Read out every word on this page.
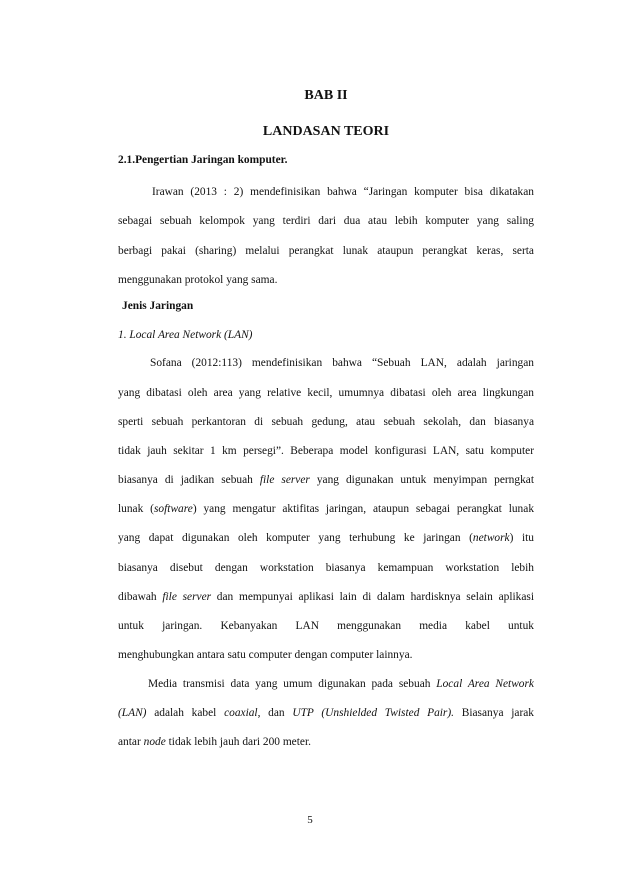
BAB II
LANDASAN TEORI
2.1.Pengertian Jaringan komputer.
Irawan (2013 : 2) mendefinisikan bahwa “Jaringan komputer bisa dikatakan
sebagai sebuah kelompok yang terdiri dari dua atau lebih komputer yang saling
berbagi pakai (sharing) melalui perangkat lunak ataupun perangkat keras, serta
menggunakan protokol yang sama.
Jenis Jaringan
1. Local Area Network (LAN)
Sofana (2012:113) mendefinisikan bahwa “Sebuah LAN, adalah jaringan
yang dibatasi oleh area yang relative kecil, umumnya dibatasi oleh area lingkungan
sperti sebuah perkantoran di sebuah gedung, atau sebuah sekolah, dan biasanya
tidak jauh sekitar 1 km persegi”. Beberapa model konfigurasi LAN, satu komputer
biasanya di jadikan sebuah file server yang digunakan untuk menyimpan perngkat
lunak (software) yang mengatur aktifitas jaringan, ataupun sebagai perangkat lunak
yang dapat digunakan oleh komputer yang terhubung ke jaringan (network) itu
biasanya disebut dengan workstation biasanya kemampuan workstation lebih
dibawah file server dan mempunyai aplikasi lain di dalam hardisknya selain aplikasi
untuk jaringan. Kebanyakan LAN menggunakan media kabel untuk
menghubungkan antara satu computer dengan computer lainnya.
Media transmisi data yang umum digunakan pada sebuah Local Area Network
(LAN) adalah kabel coaxial, dan UTP (Unshielded Twisted Pair). Biasanya jarak
antar node tidak lebih jauh dari 200 meter.
5
